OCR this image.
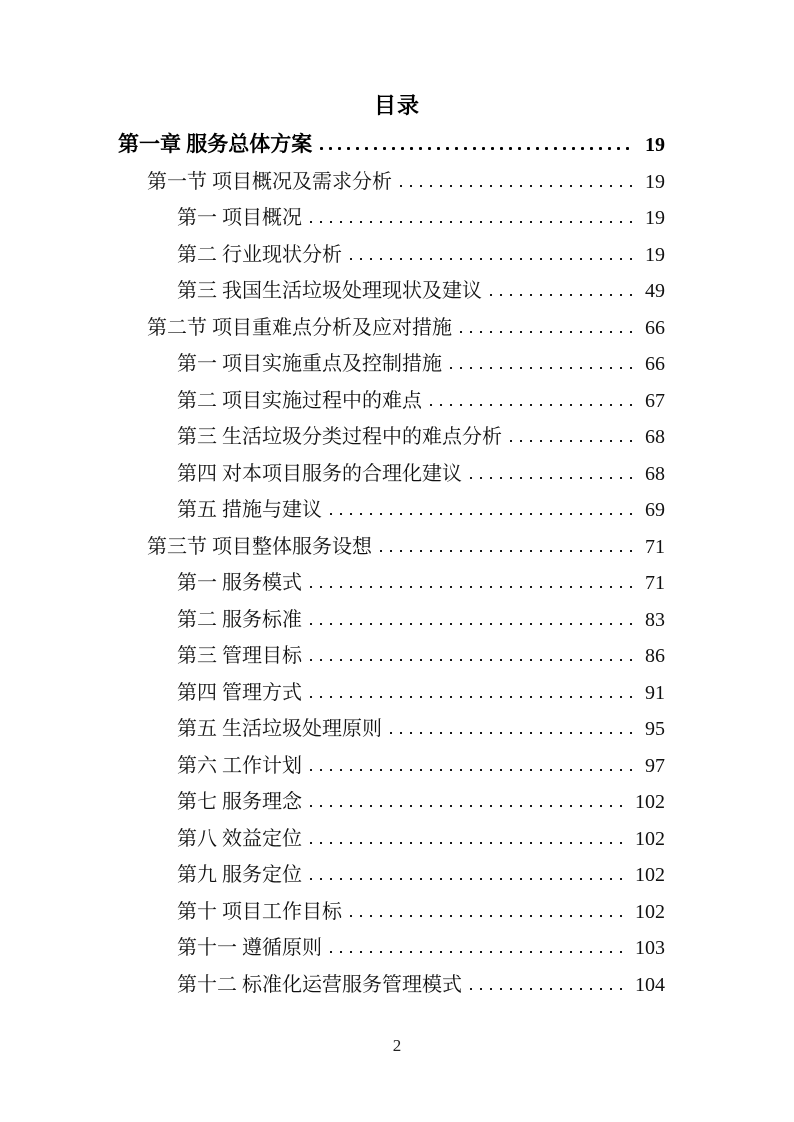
目录
第一章 服务总体方案	19
第一节 项目概况及需求分析	19
第一 项目概况	19
第二 行业现状分析	19
第三 我国生活垃圾处理现状及建议	49
第二节 项目重难点分析及应对措施	66
第一 项目实施重点及控制措施	66
第二 项目实施过程中的难点	67
第三 生活垃圾分类过程中的难点分析	68
第四 对本项目服务的合理化建议	68
第五 措施与建议	69
第三节 项目整体服务设想	71
第一 服务模式	71
第二 服务标准	83
第三 管理目标	86
第四 管理方式	91
第五 生活垃圾处理原则	95
第六 工作计划	97
第七 服务理念	102
第八 效益定位	102
第九 服务定位	102
第十 项目工作目标	102
第十一 遵循原则	103
第十二 标准化运营服务管理模式	104
2
